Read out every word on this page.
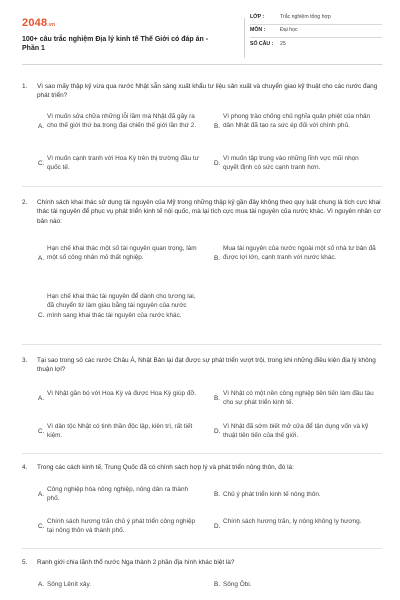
2048.vn
100+ câu trắc nghiệm Địa lý kinh tế Thế Giới có đáp án - Phần 1
LỚP :	Trắc nghiệm tổng hợp
MÔN :	Đại học
SỐ CÂU :	25
1.	Vì sao mấy thập kỷ vừa qua nước Nhật sẵn sàng xuất khẩu tư liệu sản xuất và chuyển giao kỹ thuật cho các nước đang phát triển?
A.
Vì muốn sửa chữa những lỗi lầm mà Nhật đã gây ra cho thế giới thứ ba trong đại chiến thế giới lần thứ 2.	B.
Vì phong trào chống chủ nghĩa quân phiệt của nhân dân Nhật đã tạo ra sức ép đối với chính phủ.
C.
Vì muốn cạnh tranh với Hoa Kỳ trên thị trường đầu tư quốc tế.
D.
Vì muốn tập trung vào những lĩnh vực mũi nhọn quyết định có sức cạnh tranh hơn.
2.	Chính sách khai thác sử dụng tài nguyên của Mỹ trong những thập kỷ gần đây không theo quy luật chung là tích cực khai thác tài nguyên để phục vụ phát triển kinh tế nội quốc, mà lại tích cực mua tài nguyên của nước khác. Vì nguyên nhân cơ bản nào:
A.
Hạn chế khai thác một số tài nguyên quan trọng, làm một số công nhân mỏ thất nghiệp.	B.
Mua tài nguyên của nước ngoài một số nhà tư bản đã được lợi lớn, cạnh tranh với nước khác.
C.
Hạn chế khai thác tài nguyên để dành cho tương lai, đã chuyển từ làm giàu bằng tài nguyên của nước mình sang khai thác tài nguyên của nước khác.
3.	Tại sao trong số các nước Châu Á, Nhật Bản lại đạt được sự phát triển vượt trội, trong khi những điều kiện địa lý không thuận lợi?
A.
Vì Nhật gần bó với Hoa Kỳ và được Hoa Kỳ giúp đỡ.
B.
Vì Nhật có một nền công nghiệp tiên tiến làm đầu tàu cho sự phát triển kinh tế.
C.
Vì dân tộc Nhật có tinh thần độc lập, kiên trì, rất tiết kiệm.
D.
Vì Nhật đã sớm biết mở cửa để tận dụng vốn và kỹ thuật tiên tiến của thế giới.
4.	Trong các cách kinh tế, Trung Quốc đã có chính sách hợp lý và phát triển nông thôn, đó là:
A.
Công nghiệp hóa nông nghiệp, nông dân ra thành phố.
B. Chủ ý phát triển kinh tế nông thôn.
C.
Chính sách hương trấn chủ ý phát triển công nghiệp tại nông thôn và thành phố.
D.
Chính sách hương trấn, ly nông không ly hương.
5.	Ranh giới chia lãnh thổ nước Nga thành 2 phần địa hình khác biệt là?
A. Sông Lênít xây.	B. Sông Ôbi.
